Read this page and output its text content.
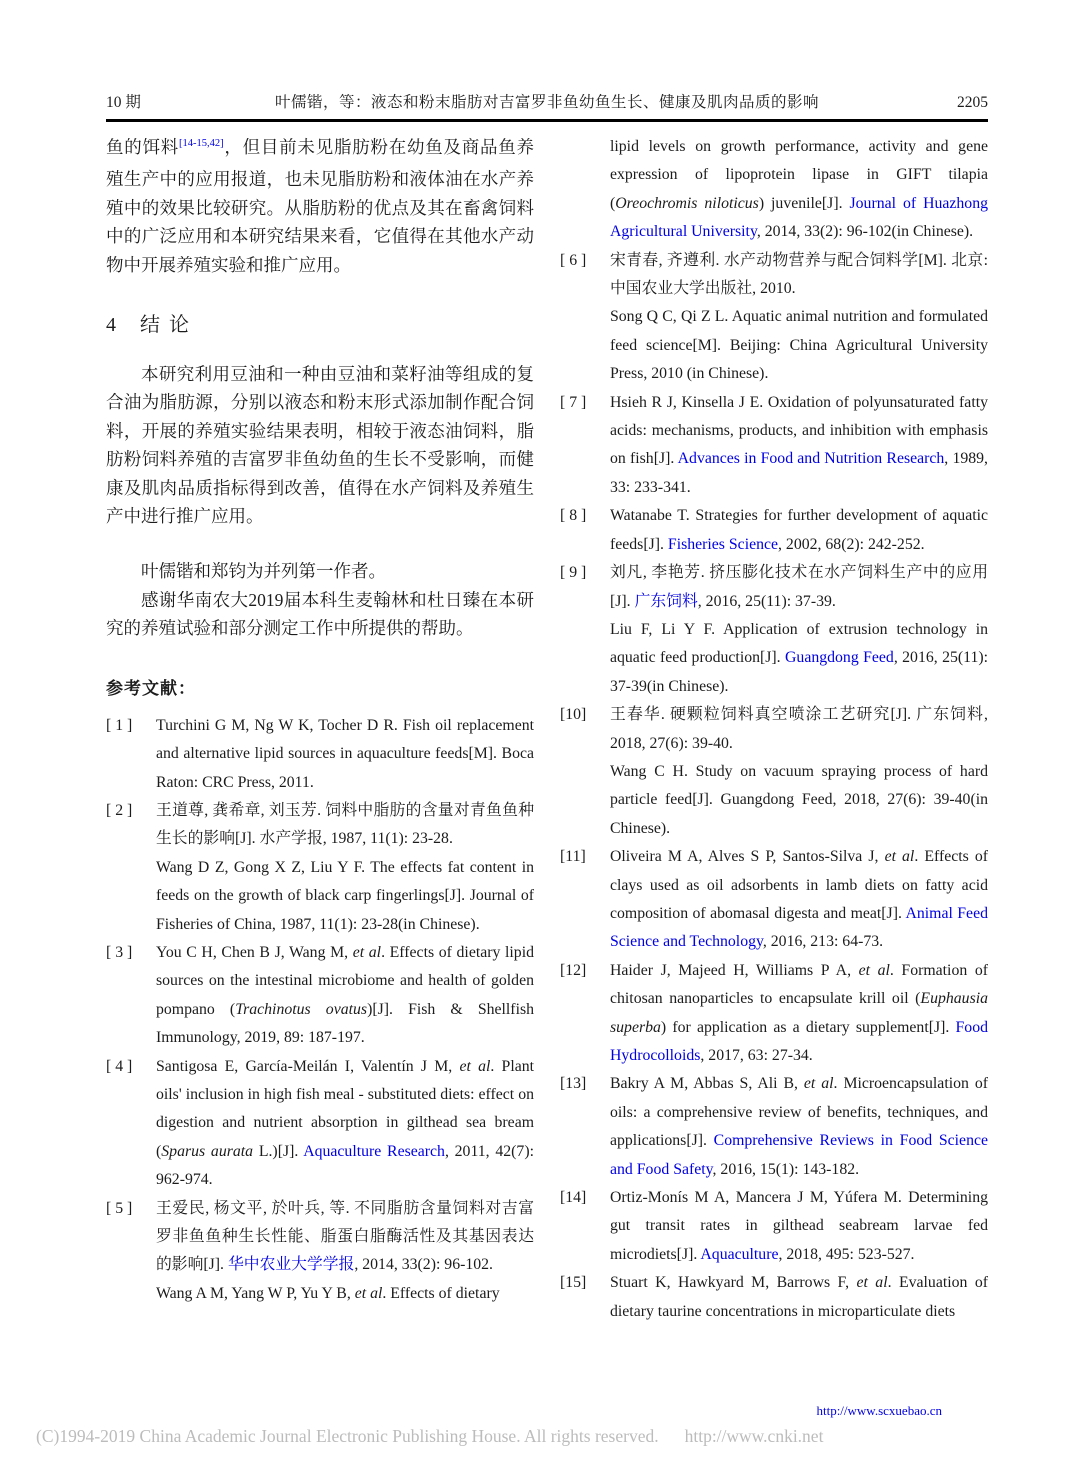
10 期	叶儒锴，等：液态和粉末脂肪对吉富罗非鱼幼鱼生长、健康及肌肉品质的影响	2205

鱼的饵料[14-15,42]，但目前未见脂肪粉在幼鱼及商品鱼养殖生产中的应用报道，也未见脂肪粉和液体油在水产养殖中的效果比较研究。从脂肪粉的优点及其在畜禽饲料中的广泛应用和本研究结果来看，它值得在其他水产动物中开展养殖实验和推广应用。

4 结论

本研究利用豆油和一种由豆油和菜籽油等组成的复合油为脂肪源，分别以液态和粉末形式添加制作配合饲料，开展的养殖实验结果表明，相较于液态油饲料，脂肪粉饲料养殖的吉富罗非鱼幼鱼的生长不受影响，而健康及肌肉品质指标得到改善，值得在水产饲料及养殖生产中进行推广应用。

叶儒锴和郑钧为并列第一作者。

感谢华南农大2019届本科生麦翰林和杜日臻在本研究的养殖试验和部分测定工作中所提供的帮助。

参考文献：
[ 1 ]	Turchini G M, Ng W K, Tocher D R. Fish oil replacement and alternative lipid sources in aquaculture feeds[M]. Boca Raton: CRC Press, 2011.
[ 2 ]	王道尊, 龚希章, 刘玉芳. 饲料中脂肪的含量对青鱼鱼种生长的影响[J]. 水产学报, 1987, 11(1): 23-28.
Wang D Z, Gong X Z, Liu Y F. The effects fat content in feeds on the growth of black carp fingerlings[J]. Journal of Fisheries of China, 1987, 11(1): 23-28(in Chinese).
[ 3 ]	You C H, Chen B J, Wang M, et al. Effects of dietary lipid sources on the intestinal microbiome and health of golden pompano (Trachinotus ovatus)[J]. Fish & Shellfish Immunology, 2019, 89: 187-197.
[ 4 ]	Santigosa E, García-Meilán I, Valentín J M, et al. Plant oils' inclusion in high fish meal - substituted diets: effect on digestion and nutrient absorption in gilthead sea bream (Sparus aurata L.)[J]. Aquaculture Research, 2011, 42(7): 962-974.
[ 5 ]	王爱民, 杨文平, 於叶兵, 等. 不同脂肪含量饲料对吉富罗非鱼鱼种生长性能、脂蛋白脂酶活性及其基因表达的影响[J]. 华中农业大学学报, 2014, 33(2): 96-102.
Wang A M, Yang W P, Yu Y B, et al. Effects of dietary
lipid levels on growth performance, activity and gene expression of lipoprotein lipase in GIFT tilapia (Oreochromis niloticus) juvenile[J]. Journal of Huazhong Agricultural University, 2014, 33(2): 96-102(in Chinese).
[ 6 ]	宋青春, 齐遵利. 水产动物营养与配合饲料学[M]. 北京: 中国农业大学出版社, 2010.
Song Q C, Qi Z L. Aquatic animal nutrition and formulated feed science[M]. Beijing: China Agricultural University Press, 2010 (in Chinese).
[ 7 ]	Hsieh R J, Kinsella J E. Oxidation of polyunsaturated fatty acids: mechanisms, products, and inhibition with emphasis on fish[J]. Advances in Food and Nutrition Research, 1989, 33: 233-341.
[ 8 ]	Watanabe T. Strategies for further development of aquatic feeds[J]. Fisheries Science, 2002, 68(2): 242-252.
[ 9 ]	刘凡, 李艳芳. 挤压膨化技术在水产饲料生产中的应用[J]. 广东饲料, 2016, 25(11): 37-39.
Liu F, Li Y F. Application of extrusion technology in aquatic feed production[J]. Guangdong Feed, 2016, 25(11): 37-39(in Chinese).
[10]	王春华. 硬颗粒饲料真空喷涂工艺研究[J]. 广东饲料, 2018, 27(6): 39-40.
Wang C H. Study on vacuum spraying process of hard particle feed[J]. Guangdong Feed, 2018, 27(6): 39-40(in Chinese).
[11]	Oliveira M A, Alves S P, Santos-Silva J, et al. Effects of clays used as oil adsorbents in lamb diets on fatty acid composition of abomasal digesta and meat[J]. Animal Feed Science and Technology, 2016, 213: 64-73.
[12]	Haider J, Majeed H, Williams P A, et al. Formation of chitosan nanoparticles to encapsulate krill oil (Euphausia superba) for application as a dietary supplement[J]. Food Hydrocolloids, 2017, 63: 27-34.
[13]	Bakry A M, Abbas S, Ali B, et al. Microencapsulation of oils: a comprehensive review of benefits, techniques, and applications[J]. Comprehensive Reviews in Food Science and Food Safety, 2016, 15(1): 143-182.
[14]	Ortiz-Monís M A, Mancera J M, Yúfera M. Determining gut transit rates in gilthead seabream larvae fed microdiets[J]. Aquaculture, 2018, 495: 523-527.
[15]	Stuart K, Hawkyard M, Barrows F, et al. Evaluation of dietary taurine concentrations in microparticulate diets
http://www.scxuebao.cn
(C)1994-2019 China Academic Journal Electronic Publishing House. All rights reserved. http://www.cnki.net
